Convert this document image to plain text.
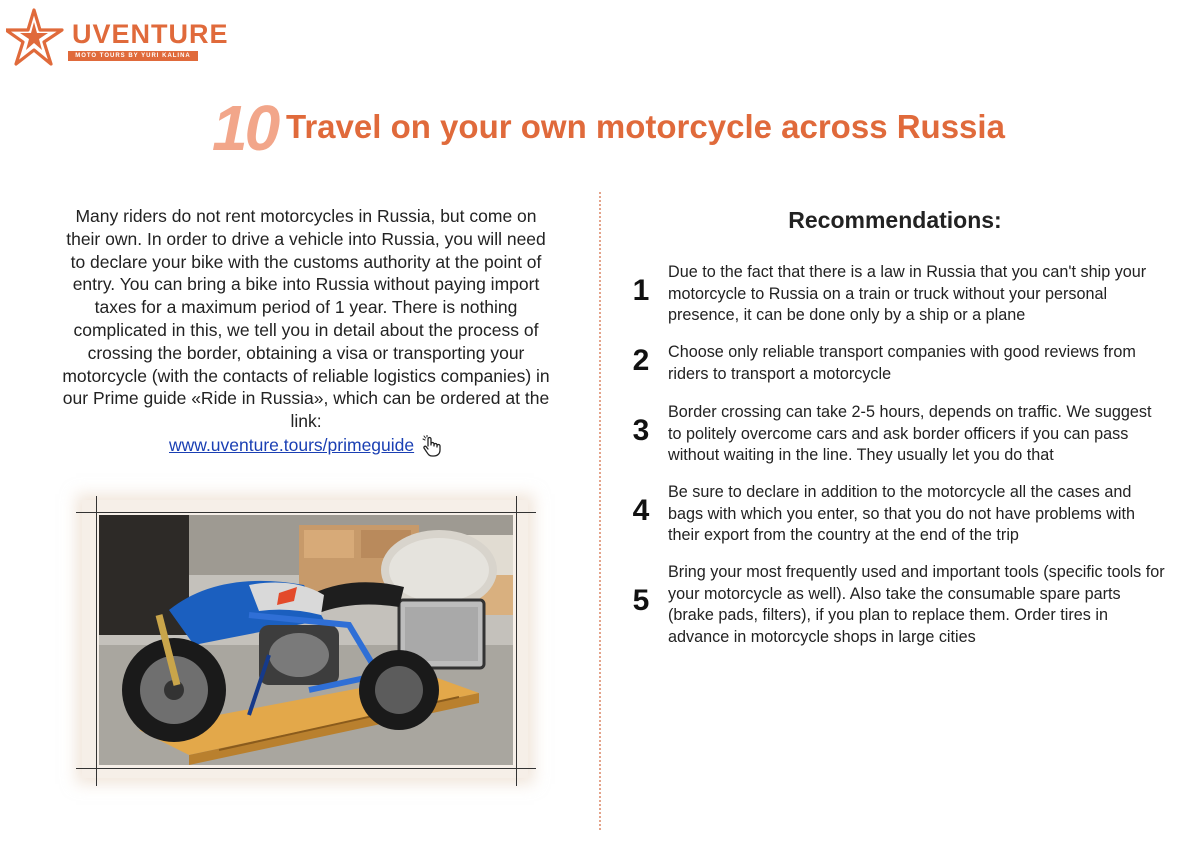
UVENTURE
MOTO TOURS BY YURI KALINA
10 Travel on your own motorcycle across Russia
Many riders do not rent motorcycles in Russia, but come on their own. In order to drive a vehicle into Russia, you will need to declare your bike with the customs authority at the point of entry. You can bring a bike into Russia without paying import taxes for a maximum period of 1 year. There is nothing complicated in this, we tell you in detail about the process of crossing the border, obtaining a visa or transporting your motorcycle (with the contacts of reliable logistics companies) in our Prime guide «Ride in Russia», which can be ordered at the link:
www.uventure.tours/primeguide
Recommendations:
1
Due to the fact that there is a law in Russia that you can't ship your motorcycle to Russia on a train or truck without your personal presence, it can be done only by a ship or a plane
2 Choose only reliable transport companies with good reviews from riders to transport a motorcycle
3
Border crossing can take 2-5 hours, depends on traffic. We suggest to politely overcome cars and ask border officers if you can pass without waiting in the line. They usually let you do that
4
Be sure to declare in addition to the motorcycle all the cases and bags with which you enter, so that you do not have problems with their export from the country at the end of the trip
5
Bring your most frequently used and important tools (specific tools for your motorcycle as well). Also take the consumable spare parts (brake pads, filters), if you plan to replace them. Order tires in advance in motorcycle shops in large cities
